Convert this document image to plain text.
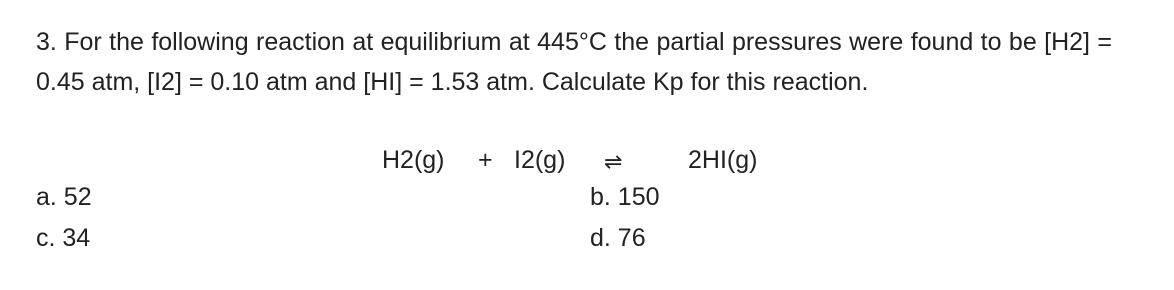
3. For the following reaction at equilibrium at 445°C the partial pressures were found to be [H2] = 0.45 atm, [I2] = 0.10 atm and [HI] = 1.53 atm. Calculate Kp for this reaction.

H2(g) + I2(g) ⇌	2HI(g)
a. 52	b. 150
c. 34	d. 76
